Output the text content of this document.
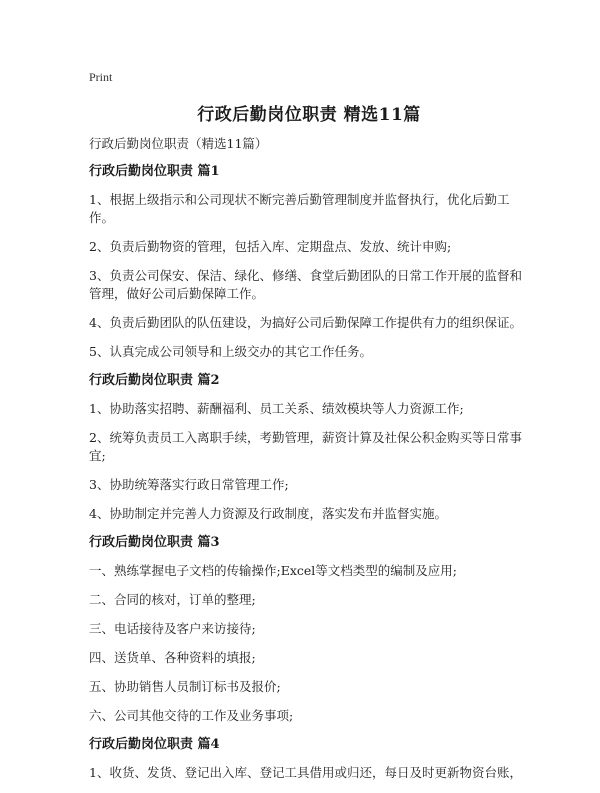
Print
行政后勤岗位职责 精选11篇
行政后勤岗位职责（精选11篇）
行政后勤岗位职责 篇1

1、根据上级指示和公司现状不断完善后勤管理制度并监督执行，优化后勤工作。

2、负责后勤物资的管理，包括入库、定期盘点、发放、统计申购;

3、负责公司保安、保洁、绿化、修缮、食堂后勤团队的日常工作开展的监督和管理，做好公司后勤保障工作。

4、负责后勤团队的队伍建设，为搞好公司后勤保障工作提供有力的组织保证。

5、认真完成公司领导和上级交办的其它工作任务。

行政后勤岗位职责 篇2

1、协助落实招聘、薪酬福利、员工关系、绩效模块等人力资源工作;

2、统筹负责员工入离职手续，考勤管理，薪资计算及社保公积金购买等日常事宜;

3、协助统筹落实行政日常管理工作;

4、协助制定并完善人力资源及行政制度，落实发布并监督实施。

行政后勤岗位职责 篇3

一、熟练掌握电子文档的传输操作;Excel等文档类型的编制及应用;

二、合同的核对，订单的整理;

三、电话接待及客户来访接待;

四、送货单、各种资料的填报;

五、协助销售人员制订标书及报价;

六、公司其他交待的工作及业务事项;

行政后勤岗位职责 篇4

1、收货、发货、登记出入库、登记工具借用或归还，每日及时更新物资台账，
